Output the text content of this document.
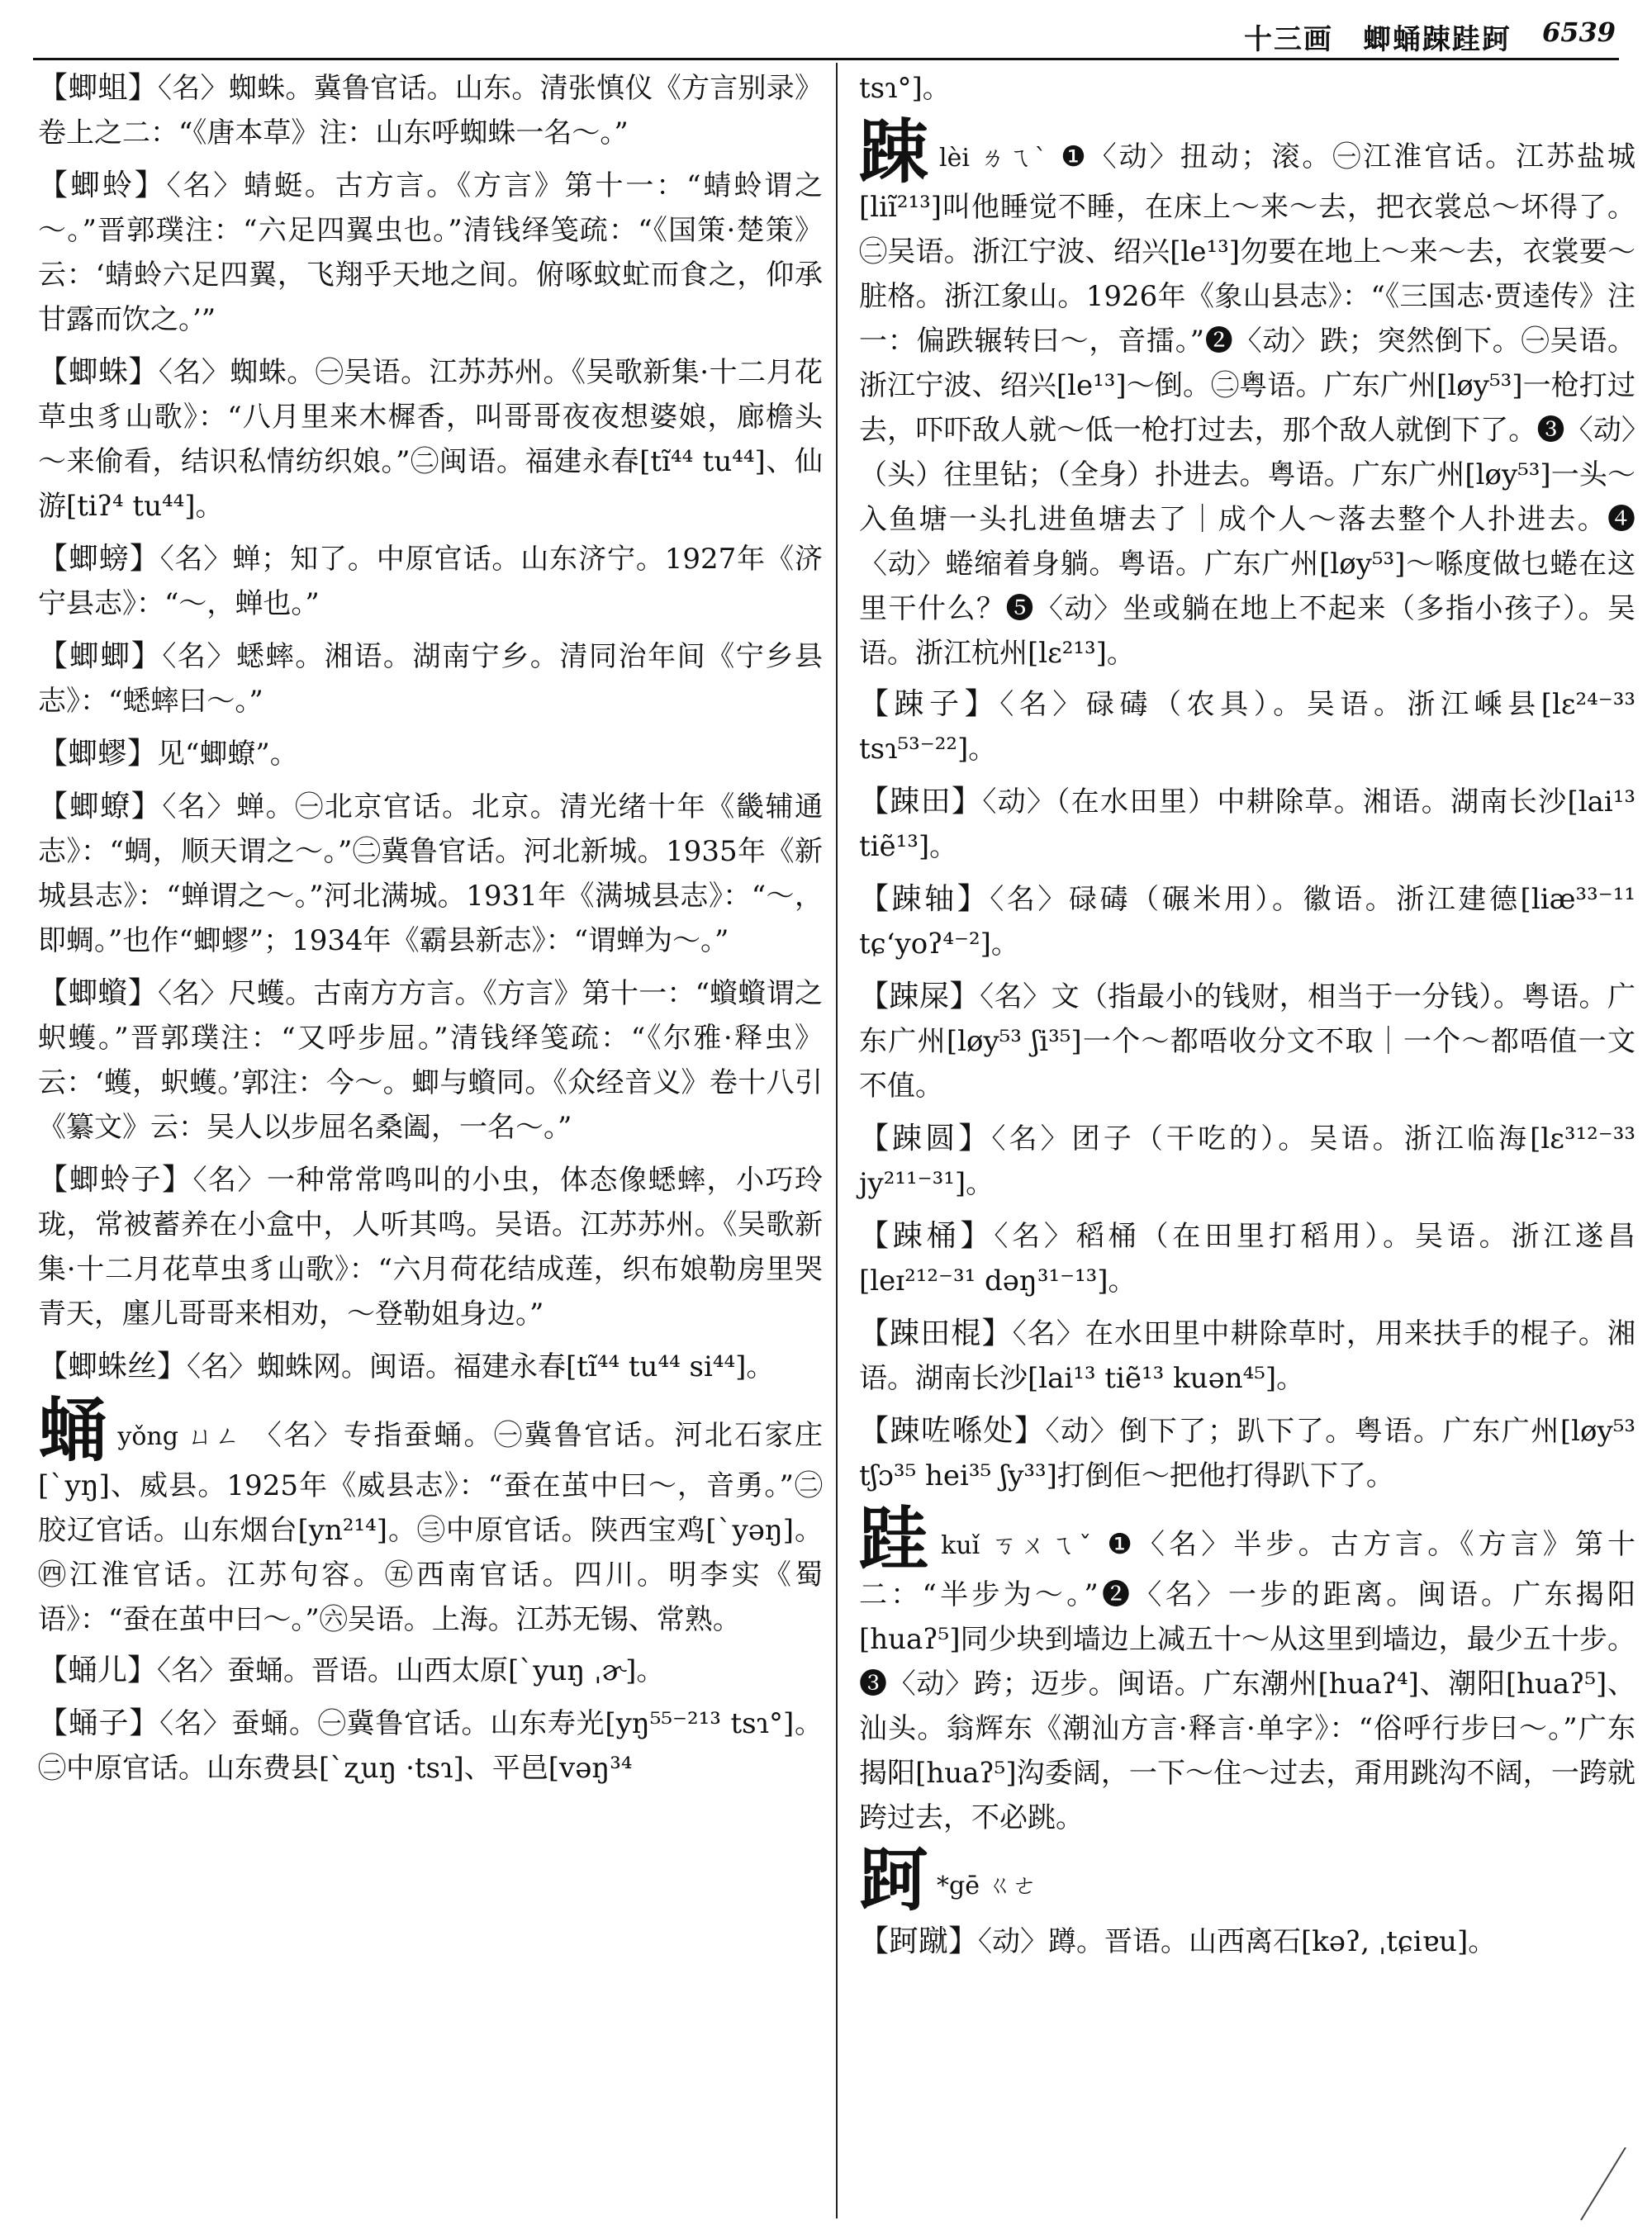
十三画　蝍蛹踈跬跒 6539

【蝍蛆】〈名〉蜘蛛。冀鲁官话。山东。清张慎仪《方言别录》卷上之二：“《唐本草》注：山东呼蜘蛛一名～。”

【蝍蛉】〈名〉蜻蜓。古方言。《方言》第十一：“蜻蛉谓之～。”晋郭璞注：“六足四翼虫也。”清钱绎笺疏：“《国策·楚策》云：‘蜻蛉六足四翼，飞翔乎天地之间。俯啄蚊虻而食之，仰承甘露而饮之。’”

【蝍蛛】〈名〉蜘蛛。㊀吴语。江苏苏州。《吴歌新集·十二月花草虫豸山歌》：“八月里来木樨香，叫哥哥夜夜想婆娘，廊檐头～来偷看，结识私情纺织娘。”㊁闽语。福建永春[tĩ⁴⁴ tu⁴⁴]、仙游[tiʔ⁴ tu⁴⁴]。

【蝍螃】〈名〉蝉；知了。中原官话。山东济宁。1927年《济宁县志》：“～，蝉也。”

【蝍蝍】〈名〉蟋蟀。湘语。湖南宁乡。清同治年间《宁乡县志》：“蟋蟀曰～。”

【蝍蟉】见“蝍蟟”。

【蝍蟟】〈名〉蝉。㊀北京官话。北京。清光绪十年《畿辅通志》：“蜩，顺天谓之～。”㊁冀鲁官话。河北新城。1935年《新城县志》：“蝉谓之～。”河北满城。1931年《满城县志》：“～，即蜩。”也作“蝍蟉”；1934年《霸县新志》：“谓蝉为～。”

【蝍蠀】〈名〉尺蠖。古南方方言。《方言》第十一：“蠀蠀谓之蚇蠖。”晋郭璞注：“又呼步屈。”清钱绎笺疏：“《尔雅·释虫》云：‘蠖，蚇蠖。’郭注：今～。蝍与蠀同。《众经音义》卷十八引《纂文》云：吴人以步屈名桑阖，一名～。”

【蝍蛉子】〈名〉一种常常鸣叫的小虫，体态像蟋蟀，小巧玲珑，常被蓄养在小盒中，人听其鸣。吴语。江苏苏州。《吴歌新集·十二月花草虫豸山歌》：“六月荷花结成莲，织布娘勒房里哭青天，廛儿哥哥来相劝，～登勒姐身边。”

【蝍蛛丝】〈名〉蜘蛛网。闽语。福建永春[tĩ⁴⁴ tu⁴⁴ si⁴⁴]。

蛹yǒng ㄩㄥ 〈名〉专指蚕蛹。㊀冀鲁官话。河北石家庄[ˋyŋ]、威县。1925年《威县志》：“蚕在茧中曰～，音勇。”㊁胶辽官话。山东烟台[yn²¹⁴]。㊂中原官话。陕西宝鸡[ˋyəŋ]。㊃江淮官话。江苏句容。㊄西南官话。四川。明李实《蜀语》：“蚕在茧中曰～。”㊅吴语。上海。江苏无锡、常熟。

【蛹儿】〈名〉蚕蛹。晋语。山西太原[ˋyuŋ ˌɚ]。

【蛹子】〈名〉蚕蛹。㊀冀鲁官话。山东寿光[yŋ⁵⁵⁻²¹³ tsɿ°]。㊁中原官话。山东费县[ˋʐuŋ ·tsɿ]、平邑[vəŋ³⁴

tsɿ°]。

踈lèi ㄌㄟˋ ❶〈动〉扭动；滚。㊀江淮官话。江苏盐城[liĩ²¹³]叫他睡觉不睡，在床上～来～去，把衣裳总～坏得了。㊁吴语。浙江宁波、绍兴[le¹³]勿要在地上～来～去，衣裳要～脏格。浙江象山。1926年《象山县志》：“《三国志·贾逵传》注一：偏跌辗转曰～，音擂。”❷〈动〉跌；突然倒下。㊀吴语。浙江宁波、绍兴[le¹³]～倒。㊁粤语。广东广州[løy⁵³]一枪打过去，吓吓敌人就～低一枪打过去，那个敌人就倒下了。❸〈动〉（头）往里钻；（全身）扑进去。粤语。广东广州[løy⁵³]一头～入鱼塘一头扎进鱼塘去了｜成个人～落去整个人扑进去。❹〈动〉蜷缩着身躺。粤语。广东广州[løy⁵³]～喺度做乜蜷在这里干什么？❺〈动〉坐或躺在地上不起来（多指小孩子）。吴语。浙江杭州[lɛ²¹³]。

【踈子】〈名〉碌碡（农具）。吴语。浙江嵊县[lɛ²⁴⁻³³ tsɿ⁵³⁻²²]。

【踈田】〈动〉（在水田里）中耕除草。湘语。湖南长沙[lai¹³ tiẽ¹³]。

【踈轴】〈名〉碌碡（碾米用）。徽语。浙江建德[liæ³³⁻¹¹ tɕʻyoʔ⁴⁻²]。

【踈屎】〈名〉文（指最小的钱财，相当于一分钱）。粤语。广东广州[løy⁵³ ʃi³⁵]一个～都唔收分文不取｜一个～都唔值一文不值。

【踈圆】〈名〉团子（干吃的）。吴语。浙江临海[lɛ³¹²⁻³³ jy²¹¹⁻³¹]。

【踈桶】〈名〉稻桶（在田里打稻用）。吴语。浙江遂昌[leɪ²¹²⁻³¹ dəŋ³¹⁻¹³]。

【踈田棍】〈名〉在水田里中耕除草时，用来扶手的棍子。湘语。湖南长沙[lai¹³ tiẽ¹³ kuən⁴⁵]。

【踈咗喺处】〈动〉倒下了；趴下了。粤语。广东广州[løy⁵³ tʃɔ³⁵ hei³⁵ ʃy³³]打倒佢～把他打得趴下了。

跬kuǐ ㄎㄨㄟˇ ❶〈名〉半步。古方言。《方言》第十二：“半步为～。”❷〈名〉一步的距离。闽语。广东揭阳[huaʔ⁵]同少块到墙边上减五十～从这里到墙边，最少五十步。❸〈动〉跨；迈步。闽语。广东潮州[huaʔ⁴]、潮阳[huaʔ⁵]、汕头。翁辉东《潮汕方言·释言·单字》：“俗呼行步曰～。”广东揭阳[huaʔ⁵]沟委阔，一下～住～过去，甭用跳沟不阔，一跨就跨过去，不必跳。

跒 *gē ㄍㄜ

【跒蹴】〈动〉蹲。晋语。山西离石[kəʔ, ˌtɕiɐu]。
